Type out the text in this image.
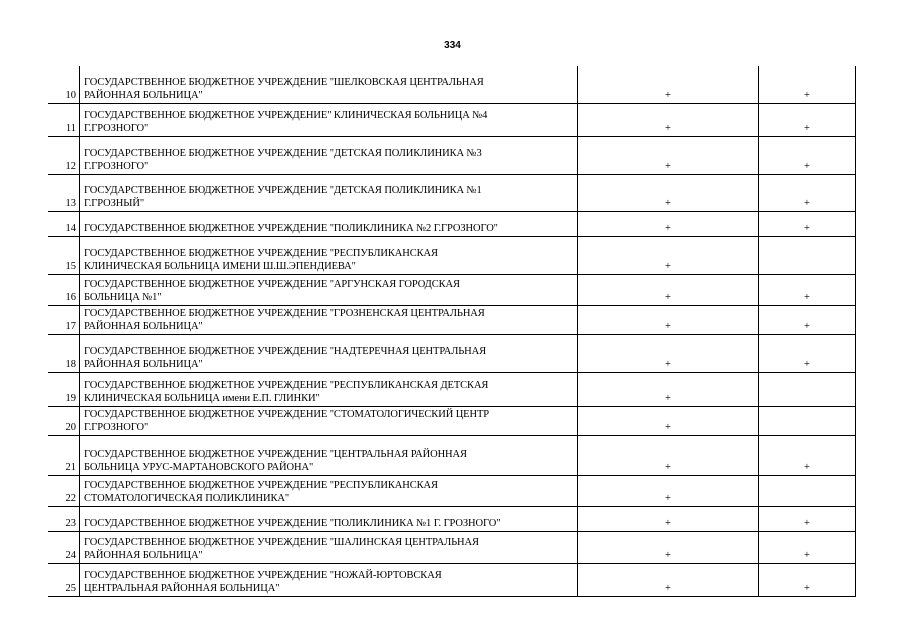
334
10	ГОСУДАРСТВЕННОЕ БЮДЖЕТНОЕ УЧРЕЖДЕНИЕ "ШЕЛКОВСКАЯ ЦЕНТРАЛЬНАЯ
РАЙОННАЯ БОЛЬНИЦА"	+	+
11	ГОСУДАРСТВЕННОЕ БЮДЖЕТНОЕ УЧРЕЖДЕНИЕ" КЛИНИЧЕСКАЯ БОЛЬНИЦА №4
Г.ГРОЗНОГО"	+	+
12	ГОСУДАРСТВЕННОЕ БЮДЖЕТНОЕ УЧРЕЖДЕНИЕ "ДЕТСКАЯ ПОЛИКЛИНИКА №3
Г.ГРОЗНОГО"	+	+
13	ГОСУДАРСТВЕННОЕ БЮДЖЕТНОЕ УЧРЕЖДЕНИЕ "ДЕТСКАЯ ПОЛИКЛИНИКА №1
Г.ГРОЗНЫЙ"	+	+
14	ГОСУДАРСТВЕННОЕ БЮДЖЕТНОЕ УЧРЕЖДЕНИЕ "ПОЛИКЛИНИКА №2 Г.ГРОЗНОГО"	+	+
15	ГОСУДАРСТВЕННОЕ БЮДЖЕТНОЕ УЧРЕЖДЕНИЕ "РЕСПУБЛИКАНСКАЯ
КЛИНИЧЕСКАЯ БОЛЬНИЦА ИМЕНИ Ш.Ш.ЭПЕНДИЕВА"	+	
16	ГОСУДАРСТВЕННОЕ БЮДЖЕТНОЕ УЧРЕЖДЕНИЕ "АРГУНСКАЯ ГОРОДСКАЯ
БОЛЬНИЦА №1"	+	+
17	ГОСУДАРСТВЕННОЕ БЮДЖЕТНОЕ УЧРЕЖДЕНИЕ "ГРОЗНЕНСКАЯ ЦЕНТРАЛЬНАЯ
РАЙОННАЯ БОЛЬНИЦА"	+	+
18	ГОСУДАРСТВЕННОЕ БЮДЖЕТНОЕ УЧРЕЖДЕНИЕ "НАДТЕРЕЧНАЯ ЦЕНТРАЛЬНАЯ
РАЙОННАЯ БОЛЬНИЦА"	+	+
19	ГОСУДАРСТВЕННОЕ БЮДЖЕТНОЕ УЧРЕЖДЕНИЕ "РЕСПУБЛИКАНСКАЯ ДЕТСКАЯ
КЛИНИЧЕСКАЯ БОЛЬНИЦА имени Е.П. ГЛИНКИ"	+	
20	ГОСУДАРСТВЕННОЕ БЮДЖЕТНОЕ УЧРЕЖДЕНИЕ "СТОМАТОЛОГИЧЕСКИЙ ЦЕНТР
Г.ГРОЗНОГО"	+	
21	ГОСУДАРСТВЕННОЕ БЮДЖЕТНОЕ УЧРЕЖДЕНИЕ "ЦЕНТРАЛЬНАЯ РАЙОННАЯ
БОЛЬНИЦА УРУС-МАРТАНОВСКОГО РАЙОНА"	+	+
22	ГОСУДАРСТВЕННОЕ БЮДЖЕТНОЕ УЧРЕЖДЕНИЕ "РЕСПУБЛИКАНСКАЯ
СТОМАТОЛОГИЧЕСКАЯ ПОЛИКЛИНИКА"	+	
23	ГОСУДАРСТВЕННОЕ БЮДЖЕТНОЕ УЧРЕЖДЕНИЕ "ПОЛИКЛИНИКА №1 Г. ГРОЗНОГО"	+	+
24	ГОСУДАРСТВЕННОЕ БЮДЖЕТНОЕ УЧРЕЖДЕНИЕ "ШАЛИНСКАЯ ЦЕНТРАЛЬНАЯ
РАЙОННАЯ БОЛЬНИЦА"	+	+
25	ГОСУДАРСТВЕННОЕ БЮДЖЕТНОЕ УЧРЕЖДЕНИЕ "НОЖАЙ-ЮРТОВСКАЯ
ЦЕНТРАЛЬНАЯ РАЙОННАЯ БОЛЬНИЦА"	+	+
